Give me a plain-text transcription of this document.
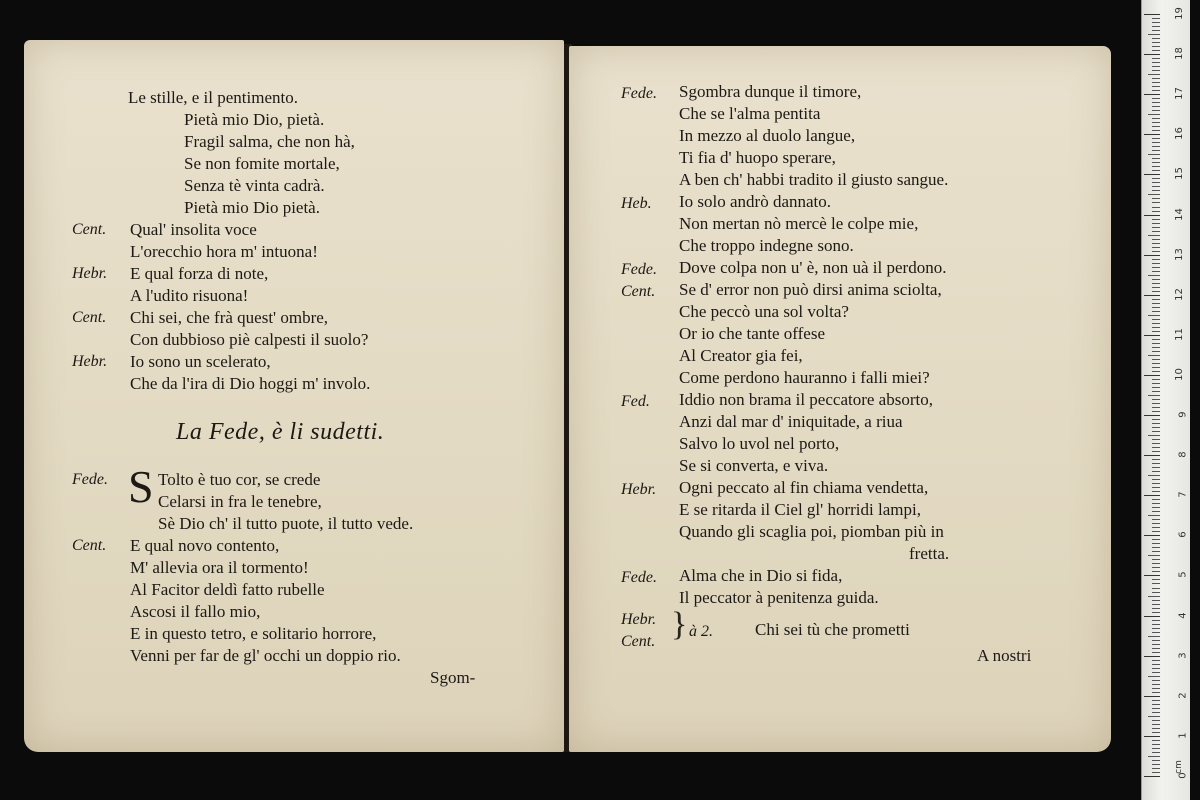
Le stille, e il pentimento.
Pietà mio Dio, pietà.
Fragil salma, che non hà,
Se non fomite mortale,
Senza tè vinta cadrà.
Pietà mio Dio pietà.
Cent. Qual' insolita voce
L'orecchio hora m' intuona!
Hebr. E qual forza di note,
A l'udito risuona!
Cent. Chi sei, che frà quest' ombre,
Con dubbioso piè calpesti il suolo?
Hebr. Io sono un scelerato,
Che da l'ira di Dio hoggi m' involo.
La Fede, è li sudetti.
Fede. S Tolto è tuo cor, se crede
Celarsi in fra le tenebre,
Sè Dio ch' il tutto puote, il tutto vede.
Cent. E qual novo contento,
M' allevia ora il tormento!
Al Facitor deldì fatto rubelle
Ascosi il fallo mio,
E in questo tetro, e solitario horrore,
Venni per far de gl' occhi un doppio rio.
Sgom-
Fede. Sgombra dunque il timore,
Che se l'alma pentita
In mezzo al duolo langue,
Ti fia d' huopo sperare,
A ben ch' habbi tradito il giusto sangue.
Heb. Io solo andrò dannato.
Non mertan nò mercè le colpe mie,
Che troppo indegne sono.
Fede. Dove colpa non u' è, non uà il perdono.
Cent. Se d' error non può dirsi anima sciolta,
Che peccò una sol volta?
Or io che tante offese
Al Creator gia fei,
Come perdono hauranno i falli miei?
Fed. Iddio non brama il peccatore absorto,
Anzi dal mar d' iniquitade, a riua
Salvo lo uvol nel porto,
Se si converta, e viva.
Hebr. Ogni peccato al fin chiama vendetta,
E se ritarda il Ciel gl' horridi lampi,
Quando gli scaglia poi, piomban più in
fretta.
Fede. Alma che in Dio si fida,
Il peccator à penitenza guida.
Hebr.
Cent. } à 2. Chi sei tù che prometti
A nostri
19
18
17
16
15
14
13
12
11
10
9
8
7
6
5
4
3
2
1
0
cm
